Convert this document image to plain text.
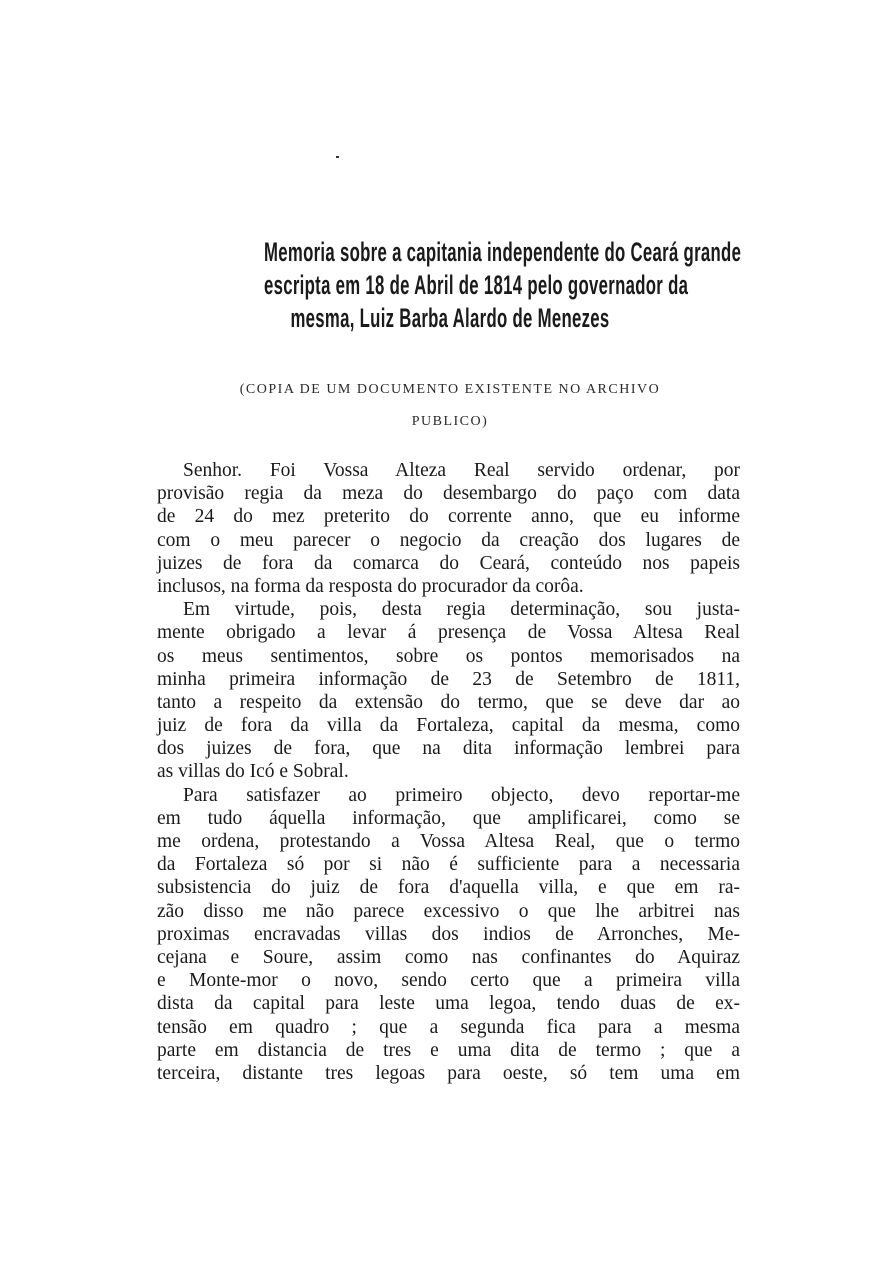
Memoria sobre a capitania independente do Ceará grande
escripta em 18 de Abril de 1814 pelo governador da
mesma, Luiz Barba Alardo de Menezes
(COPIA DE UM DOCUMENTO EXISTENTE NO ARCHIVO
PUBLICO)
Senhor. Foi Vossa Alteza Real servido ordenar, por
provisão regia da meza do desembargo do paço com data
de 24 do mez preterito do corrente anno, que eu informe
com o meu parecer o negocio da creação dos lugares de
juizes de fora da comarca do Ceará, conteúdo nos papeis
inclusos, na forma da resposta do procurador da corôa.
Em virtude, pois, desta regia determinação, sou justa-
mente obrigado a levar á presença de Vossa Altesa Real
os meus sentimentos, sobre os pontos memorisados na
minha primeira informação de 23 de Setembro de 1811,
tanto a respeito da extensão do termo, que se deve dar ao
juiz de fora da villa da Fortaleza, capital da mesma, como
dos juizes de fora, que na dita informação lembrei para
as villas do Icó e Sobral.
Para satisfazer ao primeiro objecto, devo reportar-me
em tudo áquella informação, que amplificarei, como se
me ordena, protestando a Vossa Altesa Real, que o termo
da Fortaleza só por si não é sufficiente para a necessaria
subsistencia do juiz de fora d'aquella villa, e que em ra-
zão disso me não parece excessivo o que lhe arbitrei nas
proximas encravadas villas dos indios de Arronches, Me-
cejana e Soure, assim como nas confinantes do Aquiraz
e Monte-mor o novo, sendo certo que a primeira villa
dista da capital para leste uma legoa, tendo duas de ex-
tensão em quadro ; que a segunda fica para a mesma
parte em distancia de tres e uma dita de termo ; que a
terceira, distante tres legoas para oeste, só tem uma em
